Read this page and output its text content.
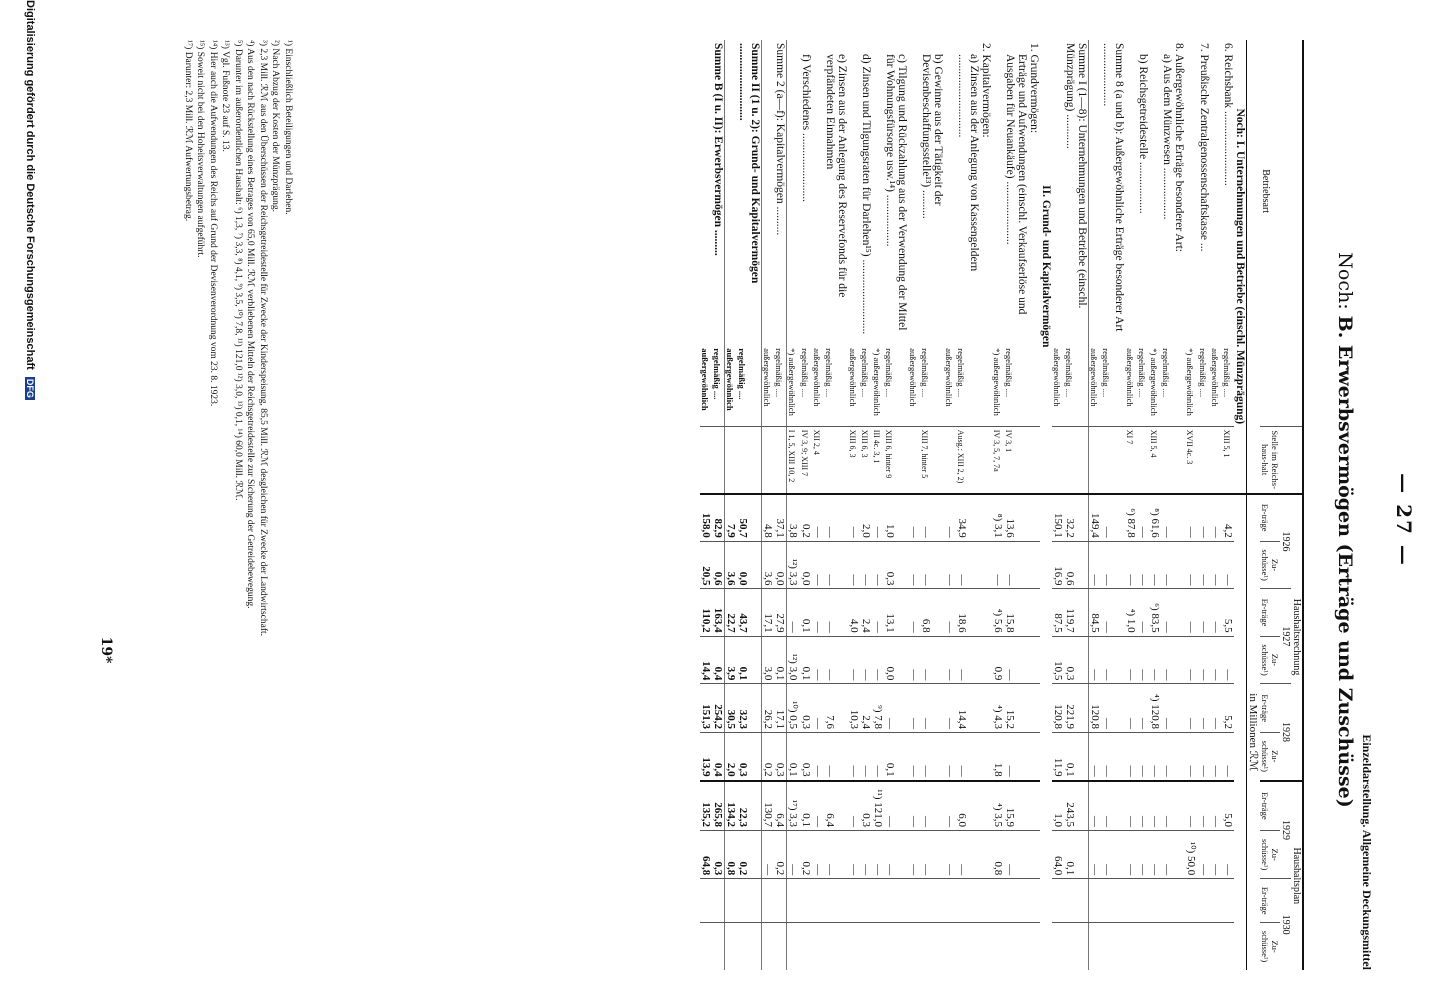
— 27 —
Einzeldarstellung. Allgemeine Deckungsmittel
Noch: B. Erwerbsvermögen (Erträge und Zuschüsse)
Betriebsart		Stelle im Reichs-haus-halt	Haushaltsrechnung						Haushaltsplan			
			1926		1927		1928		1929		1930	
			Er-träge	Zu-schüsse¹)	Er-träge	Zu-schüsse¹)	Er-träge	Zu-schüsse¹)	Er-träge	Zu-schüsse¹)	Er-träge	Zu-schüsse¹)
			in Millionen ℛℳ									
Noch: I. Unternehmungen und Betriebe (einschl. Münzprägung)												
6. Reichsbank ..........................	regelmäßig ....	XIII 5, 1	4,2	—	5,5	—	5,2	—	5,0	—		
	außergewöhnlich		—	—	—	—	—	—	—	—		
7. Preußische Zentralgenossenschaftskasse ...	regelmäßig ....		—	—	—	—	—	—	—	—		
	*) außergewöhnlich	XVII 4c. 3	—	—	—	—	—	—	—	¹⁰) 50,0		
8. Außergewöhnliche Erträge besonderer Art:												
a) Aus dem Münzwesen ..................	regelmäßig ....		—	—	—	—	—	—	—	—		
	*) außergewöhnlich	XIII 5, 4	⁸) 61,6	—	⁶) 83,5	—	⁴) 120,8	—	—	—		
b) Reichsgetreidestelle ..................	regelmäßig ....		—	—	—	—	—	—	—	—		
	außergewöhnlich	XI 7	⁶) 87,8	—	⁴) 1,0	—	—	—	—	—		
Summe 8 (a und b): Außergewöhnliche Erträge besonderer Art ......................	regelmäßig ....		—	—	—	—	—	—	—	—		
	außergewöhnlich		149,4	—	84,5	—	120,8	—	—	—		
Summe I (1—8): Unternehmungen und Betriebe (einschl. Münzprägung) ............	regelmäßig ....		32,2	0,6	119,7	0,3	221,9	0,1	243,5	0,1		
	außergewöhnlich		150,1	16,9	87,5	10,5	120,8	11,9	1,0	64,0		
II. Grund- und Kapitalvermögen												
1. Grundvermögen:												
Erträge und Aufwendungen (einschl. Verkaufserlöse und Ausgaben für Neuankäufe) ......................	regelmäßig ....	IV 3, 1	13,6	—	15,8	—	15,2	—	15,9	—		
	*) außergewöhnlich	IV 3, 5, 7, 7a	⁸) 3,1	—	⁴) 5,6	0,9	⁴) 4,3	1,8	⁴) 3,5	0,8		
2. Kapitalvermögen:												
a) Zinsen aus der Anlegung von Kassengeldern .............................	regelmäßig ....	Ausg.: XIII 2, 2)	34,9	—	18,6	—	14,4	—	6,0	—		
	außergewöhnlich		—	—	—	—	—	—	—	—		
b) Gewinne aus der Tätigkeit der Devisenbeschaffungsstelle¹³) ..........	regelmäßig ....	XIII 7, hinter 5	—	—	6,8	—	—	—	—	—		
	außergewöhnlich		—	—	—	—	—	—	—	—		
c) Tilgung und Rückzahlung aus der Verwendung der Mittel für Wohnungsfürsorge usw.¹⁴) ..................	regelmäßig ....	XIII 6, hinter 9	1,0	0,3	13,1	0,0	—	0,1	—	—		
	*) außergewöhnlich	III 4c. 3, 1	—	—	—	—	⁹) 7,8	—	¹¹) 121,0	—		
d) Zinsen und Tilgungsraten für Darlehen¹⁵) ..........................	regelmäßig ....	XIII 6, 3	2,0	—	2,4	—	2,4	—	0,3	—		
	außergewöhnlich	XIII 6, 3	—	—	4,0	—	10,3	—	—	—		
e) Zinsen aus der Anlegung des Reservefonds für die verpfändeten Einnahmen	regelmäßig ....		—	—	—	—	7,6	—	6,4	—		
	außergewöhnlich	XII 2, 4	—	—	—	—	—	—	—	—		
f) Verschiedenes ........................	regelmäßig ....	IV 3, 9; XIII 7	0,2	0,0	0,1	0,1	0,3	0,3	0,1	0,2		
	*) außergewöhnlich	I 1, 5, XIII 10, 2	3,8	¹²) 3,3	—	¹²) 3,0	¹⁰) 0,5	0,1	¹⁷) 3,3	—		
Summe 2 (a—f): Kapitalvermögen ..........	regelmäßig ....		37,1	0,0	27,9	0,1	17,1	0,3	6,4	0,2		
	außergewöhnlich		4,8	3,6	17,1	3,0	26,2	0,2	130,7	—		
Summe II (1 u. 2): Grund- und Kapitalvermögen ...........................	regelmäßig ....		50,7	0,0	43,7	0,1	32,3	0,3	22,3	0,2		
	außergewöhnlich		7,9	3,6	22,7	3,9	30,5	2,0	134,2	0,8		
Summe B (I u. II): Erwerbsvermögen .........	regelmäßig ....		82,9	0,6	163,4	0,4	254,2	0,4	265,8	0,3		
	außergewöhnlich		158,0	20,5	110,2	14,4	151,3	13,9	135,2	64,8		
¹) Einschließlich Beteiligungen und Darlehen.
²) Nach Abzug der Kosten der Münzprägung.
³) 2,3 Mill. ℛℳ aus den Überschüssen der Reichsgetreidestelle für Zwecke der Kinderspeisung, 85,5 Mill. ℛℳ desgleichen für Zwecke der Landwirtschaft.
⁴) Aus den nach Rückstellung eines Betrages von 65,0 Mill. ℛℳ verbliebenen Mitteln der Reichsgetreidestelle zur Sicherung der Getreidebewegung.
⁵) Darunter im außerordentlichen Haushalt: ⁶) 1,3, ⁷) 3,3, ⁸) 4,1, ⁹) 3,5, ¹⁰) 7,8, ¹¹) 121,0 ¹²) 3,0, ¹³) 0,1, ¹⁴) 60,0 Mill. ℛℳ.
¹³) Vgl. Fußnote 23 auf S. 13.
¹⁴) Hier auch die Aufwendungen des Reichs auf Grund der Devisenverordnung vom 23. 8. 1923.
¹⁵) Soweit nicht bei den Hoheitsverwaltungen aufgeführt.
¹⁷) Darunter: 2,3 Mill. ℛℳ Aufwertungsbetrag.
19*
Digitalisierung gefördert durch die Deutsche Forschungsgemeinschaft DFG
